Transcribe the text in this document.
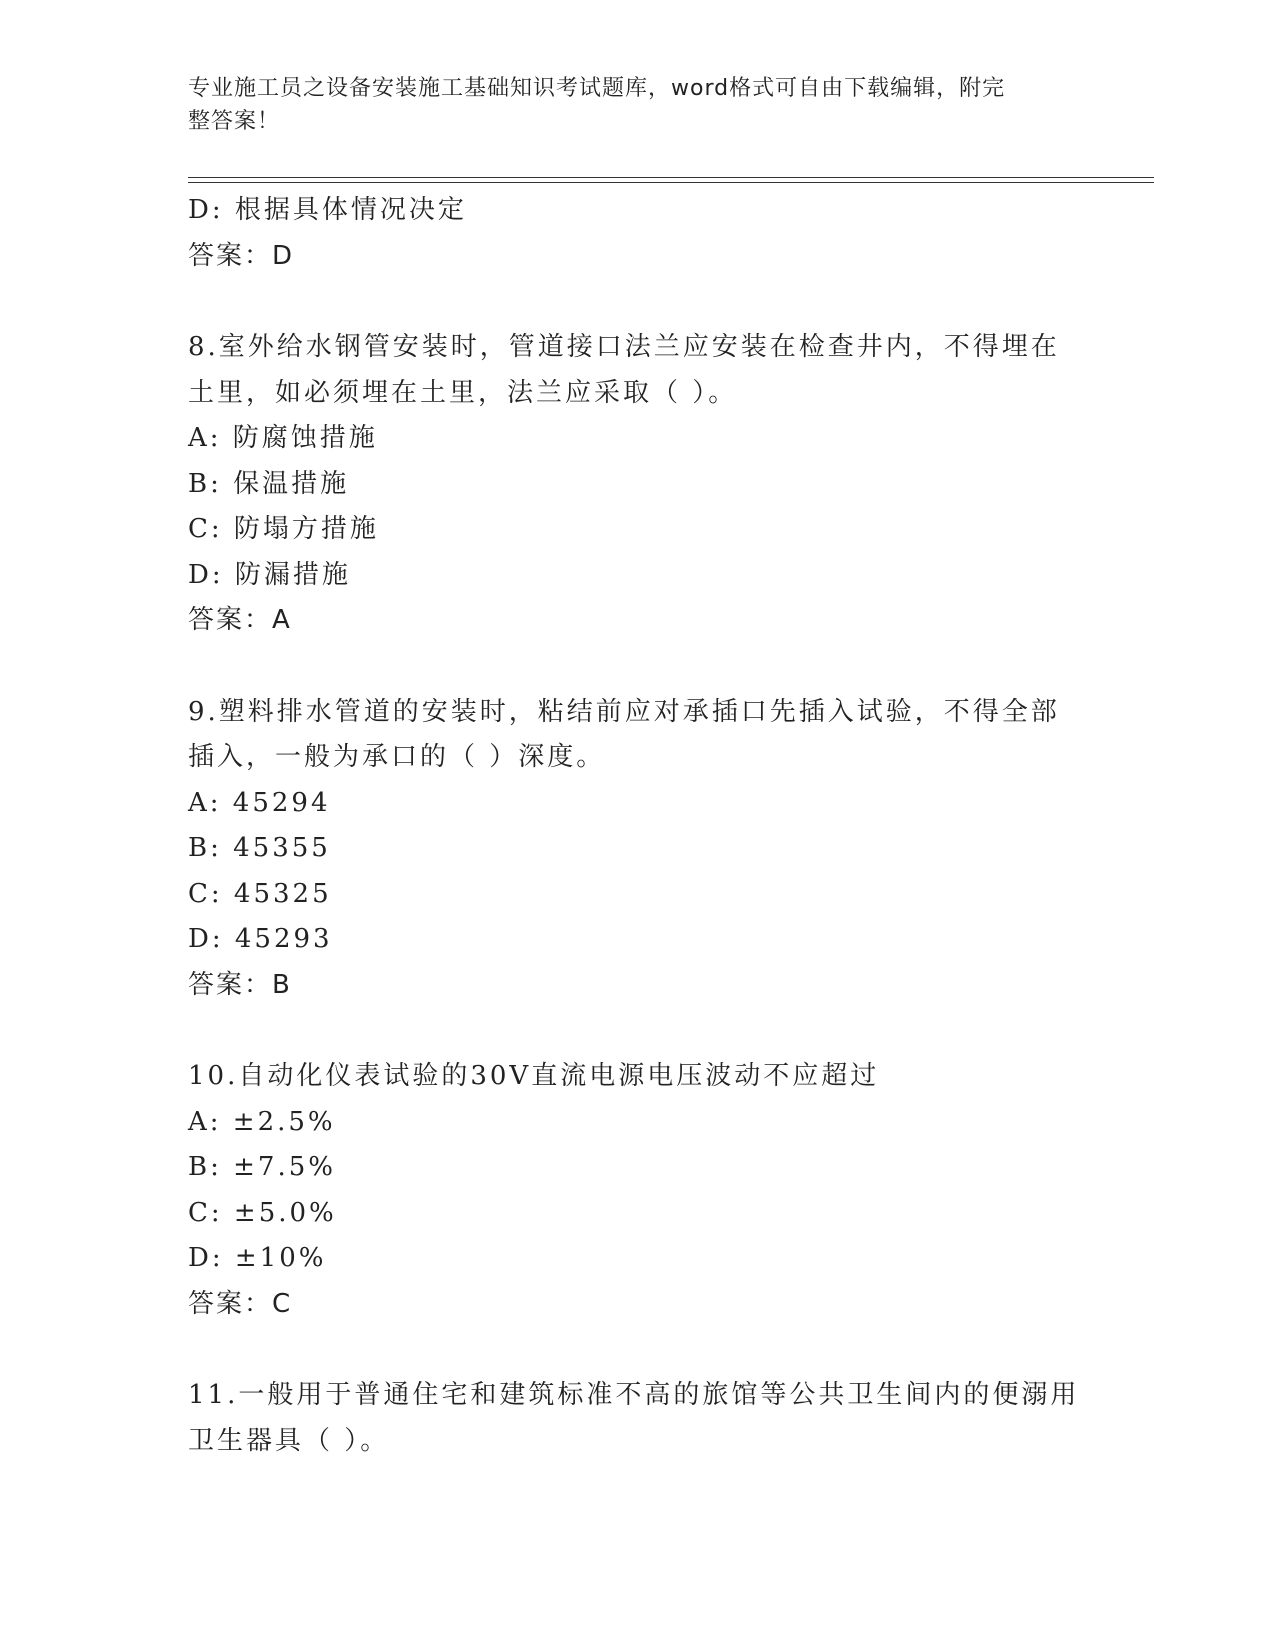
专业施工员之设备安装施工基础知识考试题库，word格式可自由下载编辑，附完
整答案！
D: 根据具体情况决定
答案：D
8.室外给水钢管安装时，管道接口法兰应安装在检查井内，不得埋在
土里，如必须埋在土里，法兰应采取（ ）。
A: 防腐蚀措施
B: 保温措施
C: 防塌方措施
D: 防漏措施
答案：A
9.塑料排水管道的安装时，粘结前应对承插口先插入试验，不得全部
插入，一般为承口的（ ）深度。
A: 45294
B: 45355
C: 45325
D: 45293
答案：B
10.自动化仪表试验的30V直流电源电压波动不应超过
A: ±2.5%
B: ±7.5%
C: ±5.0%
D: ±10%
答案：C
11.一般用于普通住宅和建筑标准不高的旅馆等公共卫生间内的便溺用
卫生器具（ ）。
